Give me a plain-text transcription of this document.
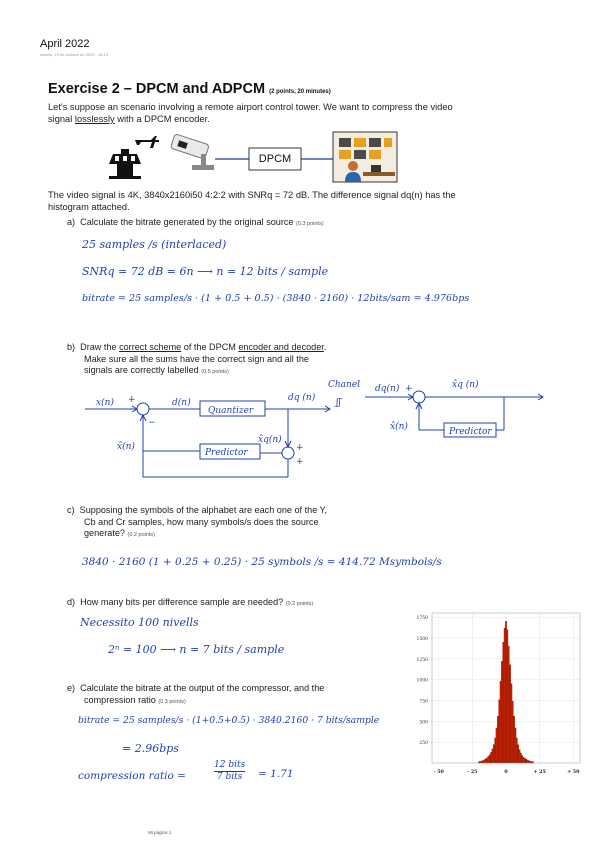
April 2022
martes, 19 de octubre de 2023 · 16:10
Exercise 2 – DPCM and ADPCM (2 points, 20 minutes)
Let's suppose an scenario involving a remote airport control tower. We want to compress the video
signal losslessly with a DPCM encoder.
DPCM
The video signal is 4K, 3840x2160i50 4:2:2 with SNRq = 72 dB. The difference signal dq(n) has the
histogram attached.
a) Calculate the bitrate generated by the original source (0.3 points)
25 samples /s (interlaced)
SNRq = 72 dB = 6n ⟶ n = 12 bits / sample
bitrate = 25 samples/s · (1 + 0.5 + 0.5) · (3840 · 2160) · 12bits/sam = 4.976bps
b) Draw the correct scheme of the DPCM encoder and decoder.
Make sure all the sums have the correct sign and all the
signals are correctly labelled (0.5 points)
x(n) +
−
d(n)
Quantizer
dq (n)
x̂q(n)
+
+
Predictor
x̂(n)
Chanel
ʃʃ
dq(n) +	x̂q (n)
x̂(n)	Predictor
c) Supposing the symbols of the alphabet are each one of the Y,
Cb and Cr samples, how many symbols/s does the source
generate? (0.2 points)
3840 · 2160 (1 + 0.25 + 0.25) · 25 symbols /s = 414.72 Msymbols/s
d) How many bits per difference sample are needed? (0.2 points)
Necessito 100 nivells
2ⁿ = 100 ⟶ n = 7 bits / sample
e) Calculate the bitrate at the output of the compressor, and the
compression ratio (0.3 points)
bitrate = 25 samples/s · (1+0.5+0.5) · 3840.2160 · 7 bits/sample
= 2.96bps
compression ratio =
12 bits
7 bits = 1.71
250
500
750
1000
1250
1500
1750
- 50	- 25	0	+ 25	+ 50
Mi pàgina 1
